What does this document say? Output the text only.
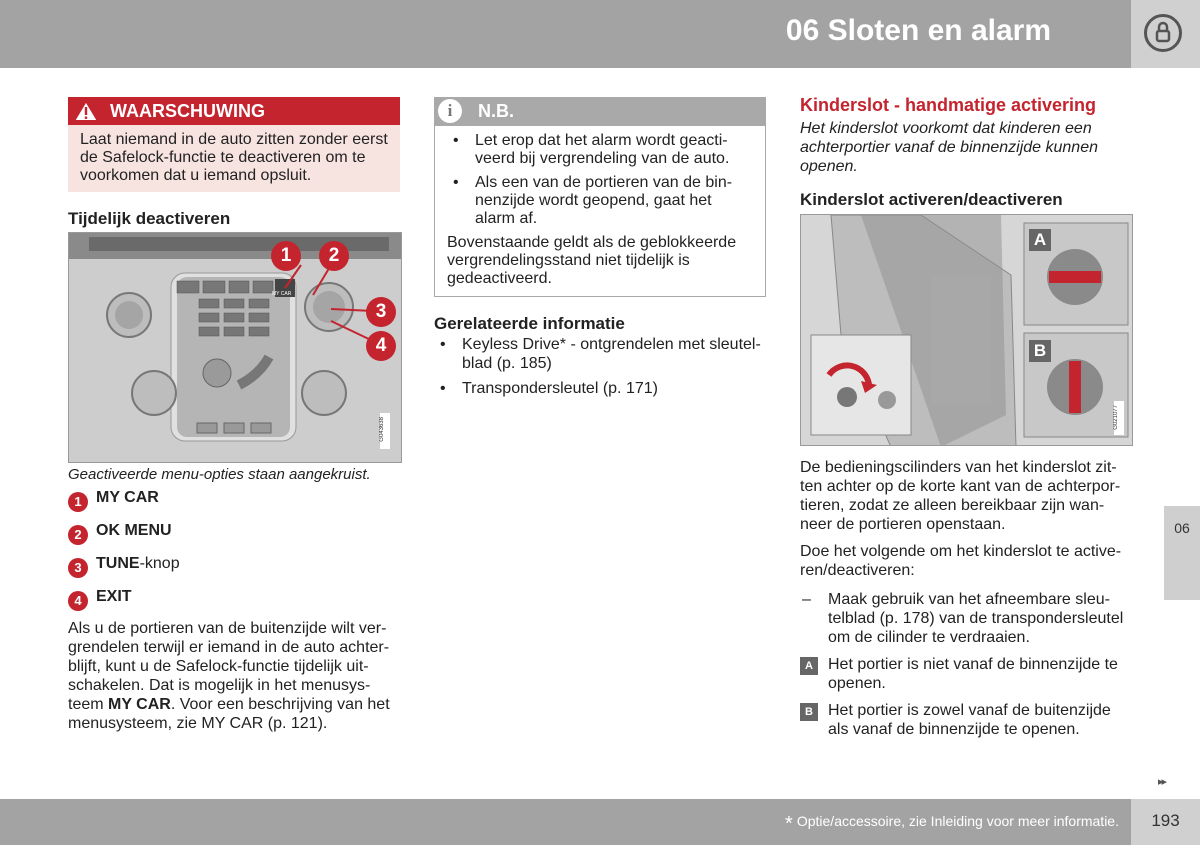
06 Sloten en alarm
06
▸▸
* Optie/accessoire, zie Inleiding voor meer informatie.	193
WAARSCHUWING
Laat niemand in de auto zitten zonder eerst de Safelock-functie te deactiveren om te voorkomen dat u iemand opsluit.
Tijdelijk deactiveren
MY CAR
1	2
3
4
G043638
Geactiveerde menu-opties staan aangekruist.
1 MY CAR
2 OK MENU
3 TUNE-knop
4 EXIT
Als u de portieren van de buitenzijde wilt ver-grendelen terwijl er iemand in de auto achter-blijft, kunt u de Safelock-functie tijdelijk uit-schakelen. Dat is mogelijk in het menusys-teem MY CAR. Voor een beschrijving van het menusysteem, zie MY CAR (p. 121).
i	N.B.
• Let erop dat het alarm wordt geacti-veerd bij vergrendeling van de auto.
• Als een van de portieren van de bin-nenzijde wordt geopend, gaat het alarm af.
Bovenstaande geldt als de geblokkeerde vergrendelingsstand niet tijdelijk is gedeactiveerd.
Gerelateerde informatie
• Keyless Drive* - ontgrendelen met sleutel-blad (p. 185)
• Transpondersleutel (p. 171)
Kinderslot - handmatige activering
Het kinderslot voorkomt dat kinderen een achterportier vanaf de binnenzijde kunnen openen.
Kinderslot activeren/deactiveren
A
B
G021077
De bedieningscilinders van het kinderslot zit-ten achter op de korte kant van de achterpor-tieren, zodat ze alleen bereikbaar zijn wan-neer de portieren openstaan.
Doe het volgende om het kinderslot te active-ren/deactiveren:
– Maak gebruik van het afneembare sleu-telblad (p. 178) van de transpondersleutel om de cilinder te verdraaien.
A Het portier is niet vanaf de binnenzijde te openen.
B Het portier is zowel vanaf de buitenzijde als vanaf de binnenzijde te openen.
